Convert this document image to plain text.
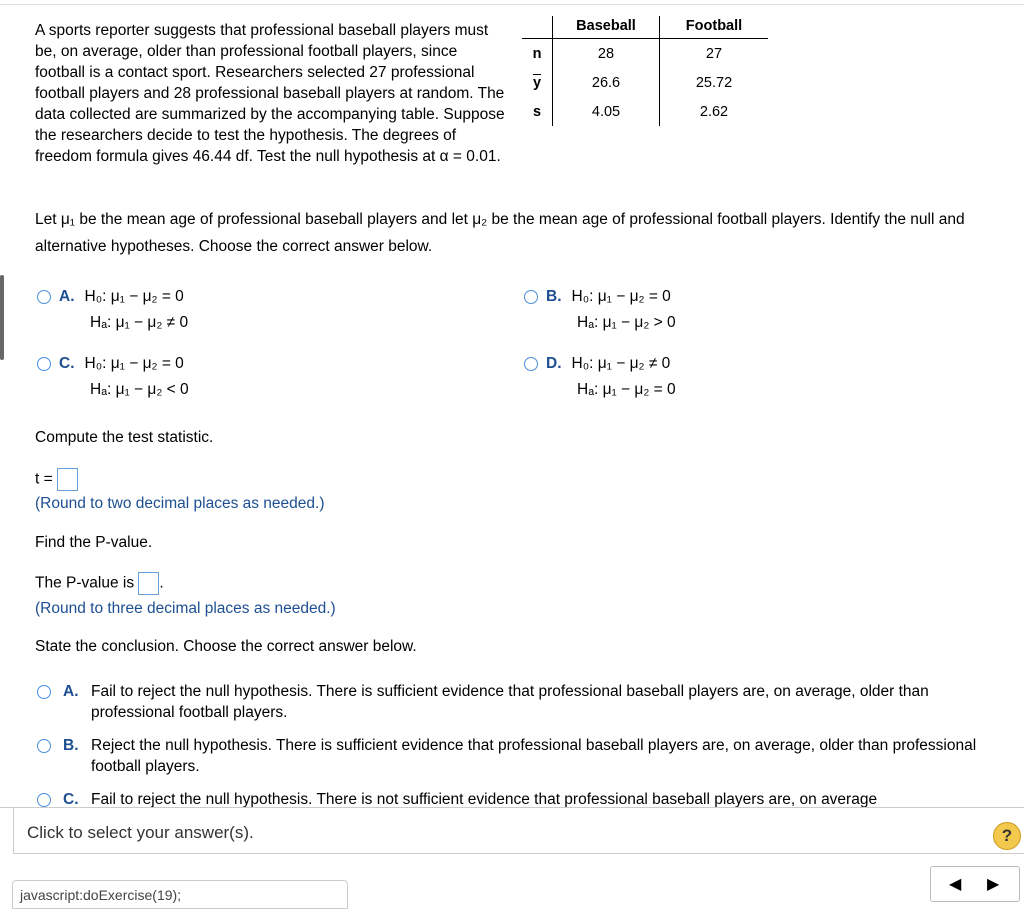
A sports reporter suggests that professional baseball players must be, on average, older than professional football players, since football is a contact sport. Researchers selected 27 professional football players and 28 professional baseball players at random. The data collected are summarized by the accompanying table. Suppose the researchers decide to test the hypothesis. The degrees of freedom formula gives 46.44 df. Test the null hypothesis at α = 0.01.
	Baseball	Football
n	28	27
$\overline{y}$	26.6	25.72
s	4.05	2.62
Let μ₁ be the mean age of professional baseball players and let μ₂ be the mean age of professional football players. Identify the null and alternative hypotheses. Choose the correct answer below.
A. H₀: μ₁ − μ₂ = 0
Hₐ: μ₁ − μ₂ ≠ 0
B. H₀: μ₁ − μ₂ = 0
Hₐ: μ₁ − μ₂ > 0
C. H₀: μ₁ − μ₂ = 0
Hₐ: μ₁ − μ₂ < 0
D. H₀: μ₁ − μ₂ ≠ 0
Hₐ: μ₁ − μ₂ = 0
Compute the test statistic.
t =
(Round to two decimal places as needed.)
Find the P-value.
The P-value is .
(Round to three decimal places as needed.)
State the conclusion. Choose the correct answer below.
A. Fail to reject the null hypothesis. There is sufficient evidence that professional baseball players are, on average, older than professional football players.
B. Reject the null hypothesis. There is sufficient evidence that professional baseball players are, on average, older than professional football players.
C. Fail to reject the null hypothesis. There is not sufficient evidence that professional baseball players are, on average
Click to select your answer(s).	?
javascript:doExercise(19);
◀ ▶
